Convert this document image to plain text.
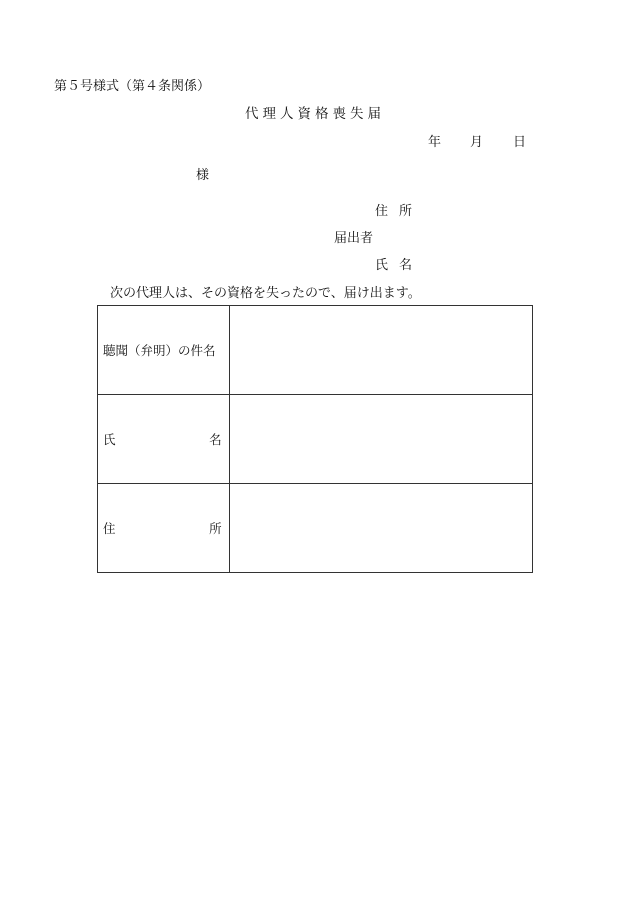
第５号様式（第４条関係）
代理人資格喪失届
年 月 日
様
住所
届出者
氏名
次の代理人は、その資格を失ったので、届け出ます。
聴聞（弁明）の件名	

氏 名	

住 所	
